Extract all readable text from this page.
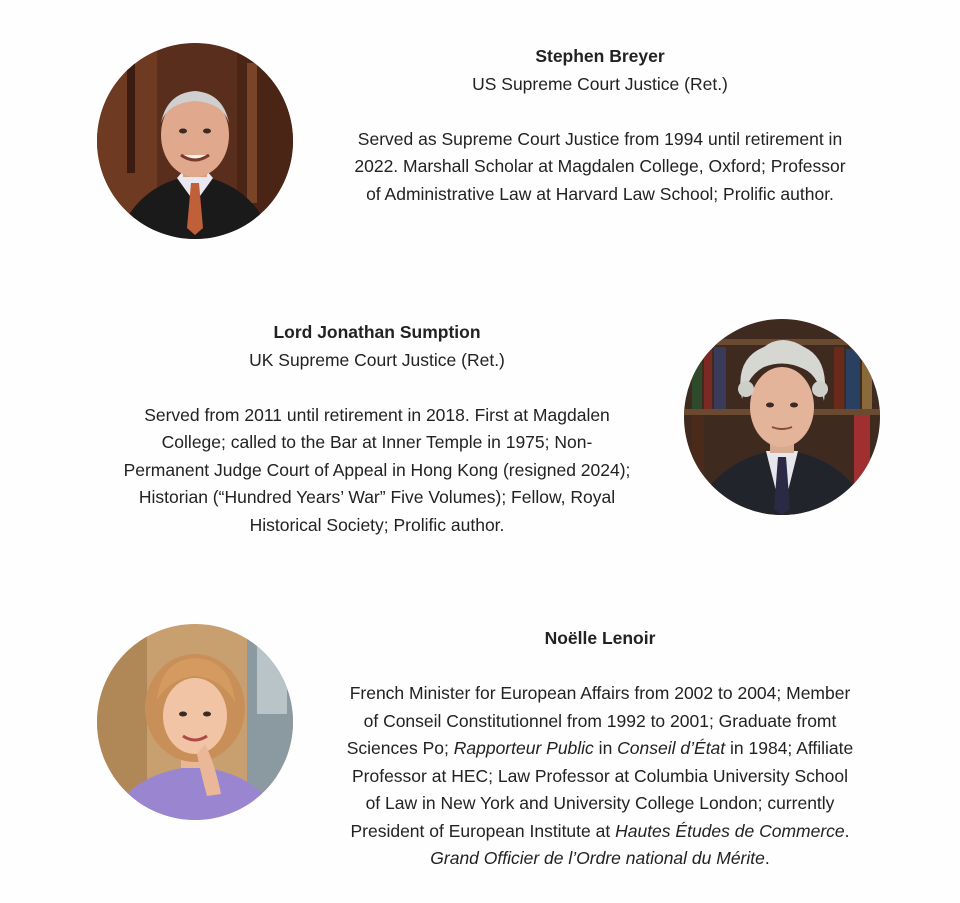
Stephen Breyer
US Supreme Court Justice (Ret.)
Served as Supreme Court Justice from 1994 until retirement in
2022. Marshall Scholar at Magdalen College, Oxford; Professor
of Administrative Law at Harvard Law School; Prolific author.
Lord Jonathan Sumption
UK Supreme Court Justice (Ret.)
Served from 2011 until retirement in 2018. First at Magdalen
College; called to the Bar at Inner Temple in 1975; Non-
Permanent Judge Court of Appeal in Hong Kong (resigned 2024);
Historian (“Hundred Years’ War” Five Volumes); Fellow, Royal
Historical Society; Prolific author.
Noëlle Lenoir
French Minister for European Affairs from 2002 to 2004; Member
of Conseil Constitutionnel from 1992 to 2001; Graduate fromt
Sciences Po; Rapporteur Public in Conseil d’État in 1984; Affiliate
Professor at HEC; Law Professor at Columbia University School
of Law in New York and University College London; currently
President of European Institute at Hautes Études de Commerce.
Grand Officier de l’Ordre national du Mérite.
